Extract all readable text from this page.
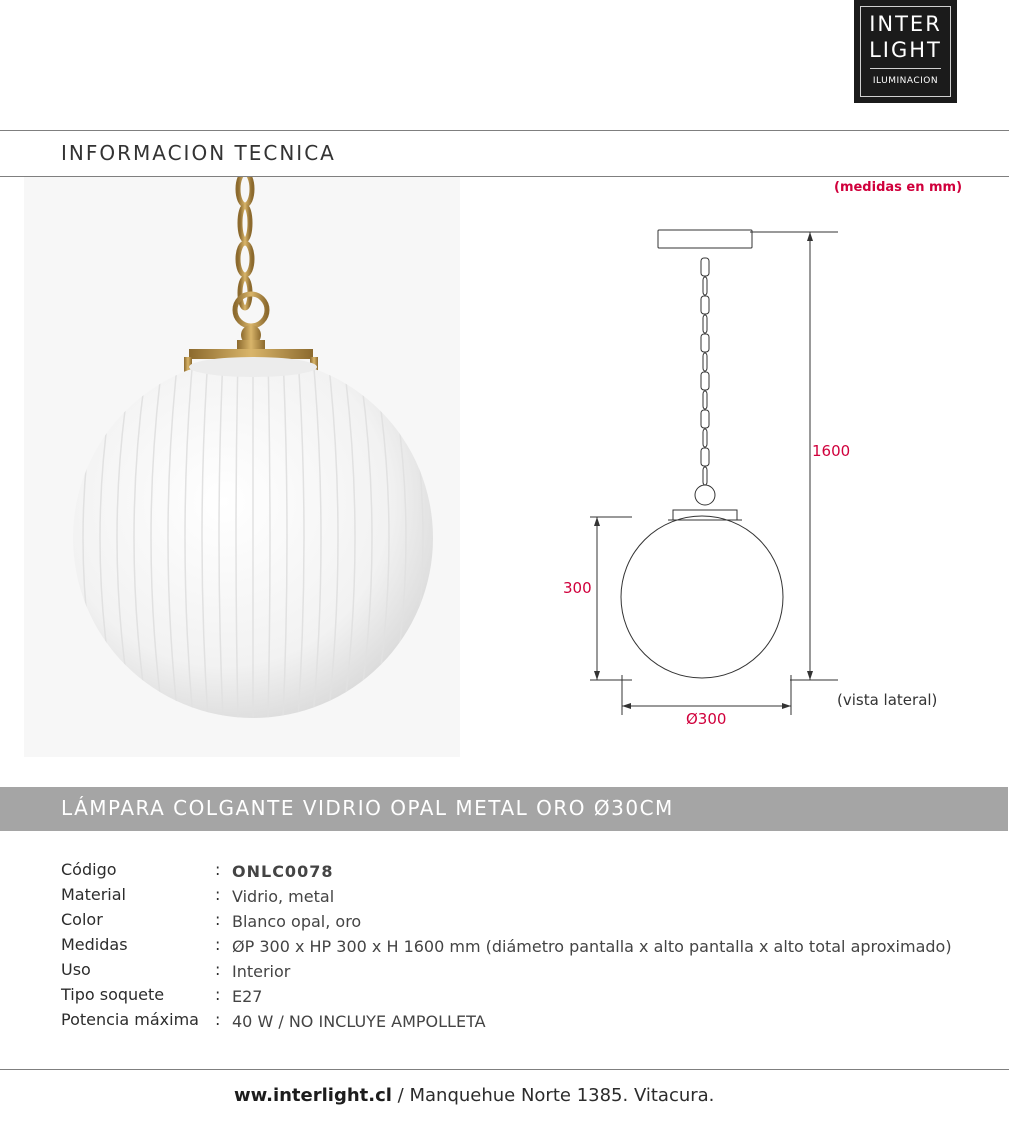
INTER
LIGHT
ILUMINACION
INFORMACION TECNICA
(medidas en mm)
1600
300
Ø300
(vista lateral)
LÁMPARA COLGANTE VIDRIO OPAL METAL ORO Ø30CM
Código	: ONLC0078
Material	: Vidrio, metal
Color	: Blanco opal, oro
Medidas	: ØP 300 x HP 300 x H 1600 mm (diámetro pantalla x alto pantalla x alto total aproximado)
Uso	: Interior
Tipo soquete	: E27
Potencia máxima : 40 W / NO INCLUYE AMPOLLETA
ww.interlight.cl / Manquehue Norte 1385. Vitacura.
